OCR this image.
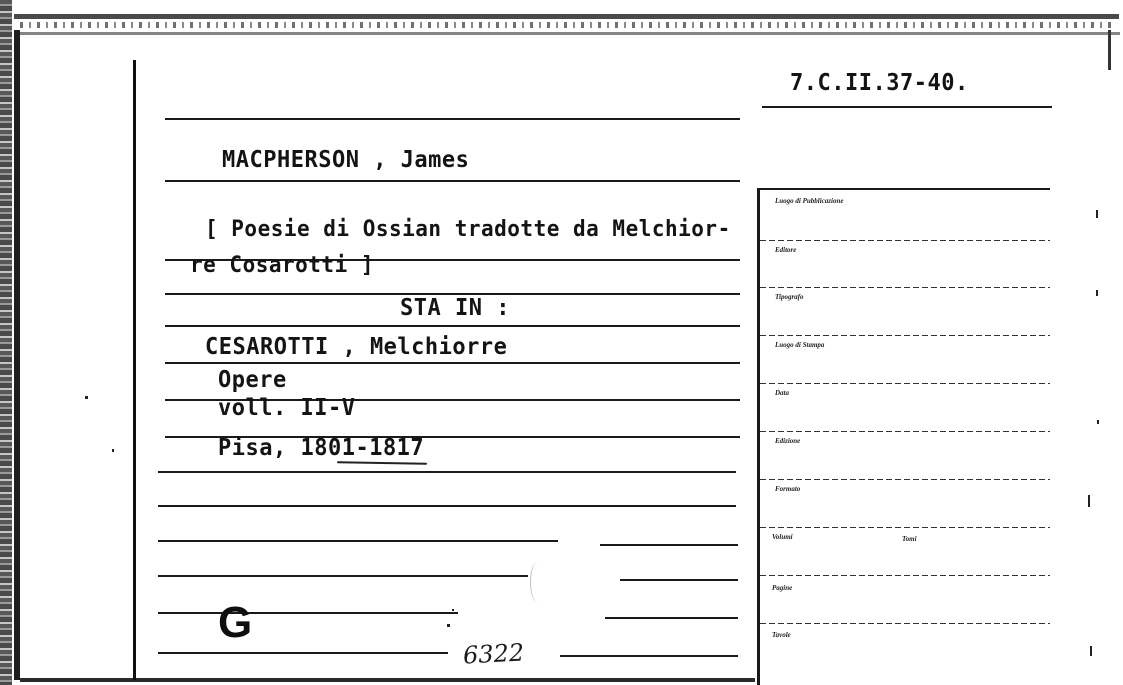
7.C.II.37-40.
MACPHERSON , James
[ Poesie di Ossian tradotte da Melchior-
re Cosarotti ]
STA IN :
CESAROTTI , Melchiorre
Opere
voll. II-V
Pisa, 1801-1817
G
6322
Luogo di Pubblicazione
Editore
Tipografo
Luogo di Stampa
Data
Edizione
Formato
Volumi	Tomi
Pagine
Tavole
